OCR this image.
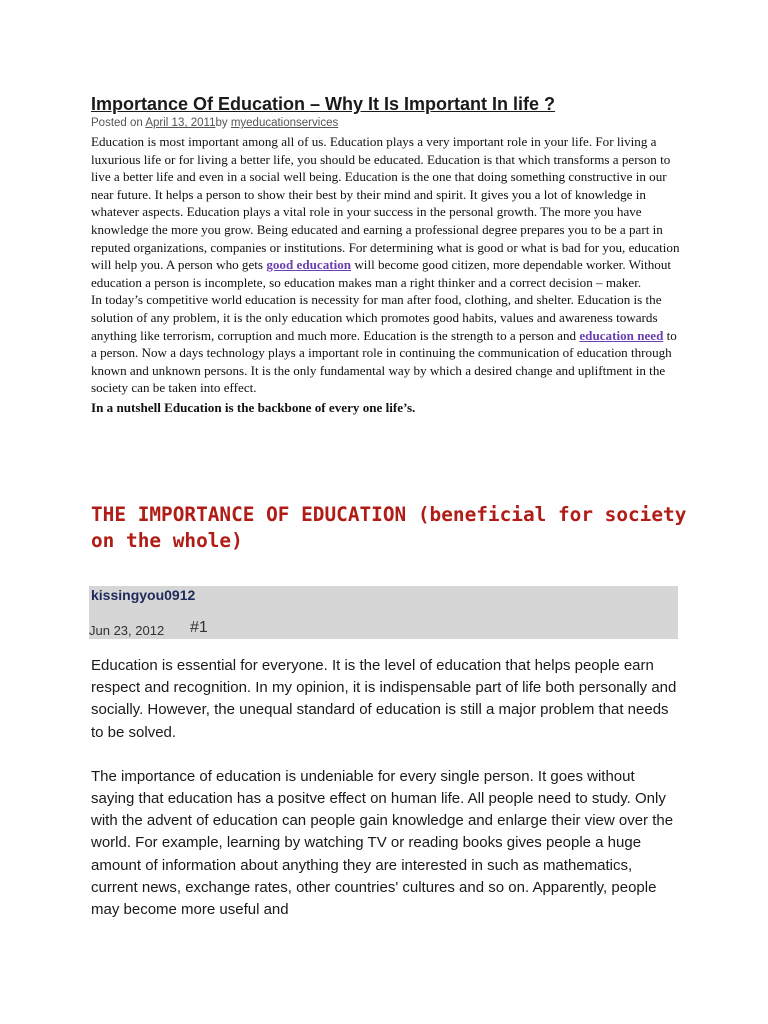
Importance Of Education – Why It Is Important In life ?
Posted on April 13, 2011by myeducationservices

Education is most important among all of us. Education plays a very important role in your life. For living a luxurious life or for living a better life, you should be educated. Education is that which transforms a person to live a better life and even in a social well being. Education is the one that doing something constructive in our near future. It helps a person to show their best by their mind and spirit. It gives you a lot of knowledge in whatever aspects. Education plays a vital role in your success in the personal growth. The more you have knowledge the more you grow. Being educated and earning a professional degree prepares you to be a part in reputed organizations, companies or institutions. For determining what is good or what is bad for you, education will help you. A person who gets good education will become good citizen, more dependable worker. Without education a person is incomplete, so education makes man a right thinker and a correct decision – maker.

In today’s competitive world education is necessity for man after food, clothing, and shelter. Education is the solution of any problem, it is the only education which promotes good habits, values and awareness towards anything like terrorism, corruption and much more. Education is the strength to a person and education need to a person. Now a days technology plays a important role in continuing the communication of education through known and unknown persons. It is the only fundamental way by which a desired change and upliftment in the society can be taken into effect.

In a nutshell Education is the backbone of every one life’s.

THE IMPORTANCE OF EDUCATION (beneficial for society on the whole)
kissingyou0912
Jun 23, 2012 #1

Education is essential for everyone. It is the level of education that helps people earn respect and recognition. In my opinion, it is indispensable part of life both personally and socially. However, the unequal standard of education is still a major problem that needs to be solved.

The importance of education is undeniable for every single person. It goes without saying that education has a positve effect on human life. All people need to study. Only with the advent of education can people gain knowledge and enlarge their view over the world. For example, learning by watching TV or reading books gives people a huge amount of information about anything they are interested in such as mathematics, current news, exchange rates, other countries' cultures and so on. Apparently, people may become more useful and
